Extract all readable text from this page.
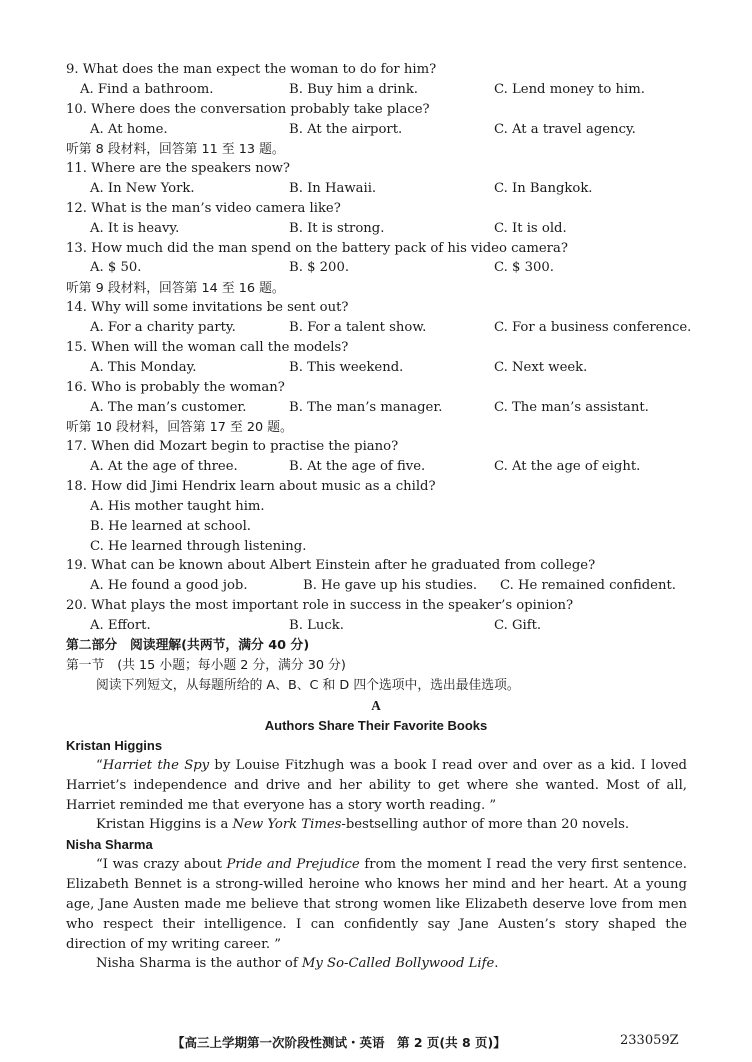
9. What does the man expect the woman to do for him?
A. Find a bathroom.	B. Buy him a drink.	C. Lend money to him.
10. Where does the conversation probably take place?
A. At home.	B. At the airport.	C. At a travel agency.
听第 8 段材料，回答第 11 至 13 题。
11. Where are the speakers now?
A. In New York.	B. In Hawaii.	C. In Bangkok.
12. What is the man’s video camera like?
A. It is heavy.	B. It is strong.	C. It is old.
13. How much did the man spend on the battery pack of his video camera?
A. $ 50.	B. $ 200.	C. $ 300.
听第 9 段材料，回答第 14 至 16 题。
14. Why will some invitations be sent out?
A. For a charity party.	B. For a talent show.	C. For a business conference.
15. When will the woman call the models?
A. This Monday.	B. This weekend.	C. Next week.
16. Who is probably the woman?
A. The man’s customer.	B. The man’s manager.	C. The man’s assistant.
听第 10 段材料，回答第 17 至 20 题。
17. When did Mozart begin to practise the piano?
A. At the age of three.	B. At the age of five.	C. At the age of eight.
18. How did Jimi Hendrix learn about music as a child?
A. His mother taught him.
B. He learned at school.
C. He learned through listening.
19. What can be known about Albert Einstein after he graduated from college?
A. He found a good job.	B. He gave up his studies. C. He remained confident.
20. What plays the most important role in success in the speaker’s opinion?
A. Effort.	B. Luck.	C. Gift.
第二部分　阅读理解(共两节，满分 40 分)
第一节　(共 15 小题；每小题 2 分，满分 30 分)
阅读下列短文，从每题所给的 A、B、C 和 D 四个选项中，选出最佳选项。
A
Authors Share Their Favorite Books
Kristan Higgins

“Harriet the Spy by Louise Fitzhugh was a book I read over and over as a kid. I loved Harriet’s independence and drive and her ability to get where she wanted. Most of all, Harriet reminded me that everyone has a story worth reading. ”

Kristan Higgins is a New York Times-bestselling author of more than 20 novels.
Nisha Sharma

“I was crazy about Pride and Prejudice from the moment I read the very first sentence. Elizabeth Bennet is a strong-willed heroine who knows her mind and her heart. At a young age, Jane Austen made me believe that strong women like Elizabeth deserve love from men who respect their intelligence. I can confidently say Jane Austen’s story shaped the direction of my writing career. ”

Nisha Sharma is the author of My So-Called Bollywood Life.
【高三上学期第一次阶段性测试・英语　第 2 页(共 8 页)】	233059Z
